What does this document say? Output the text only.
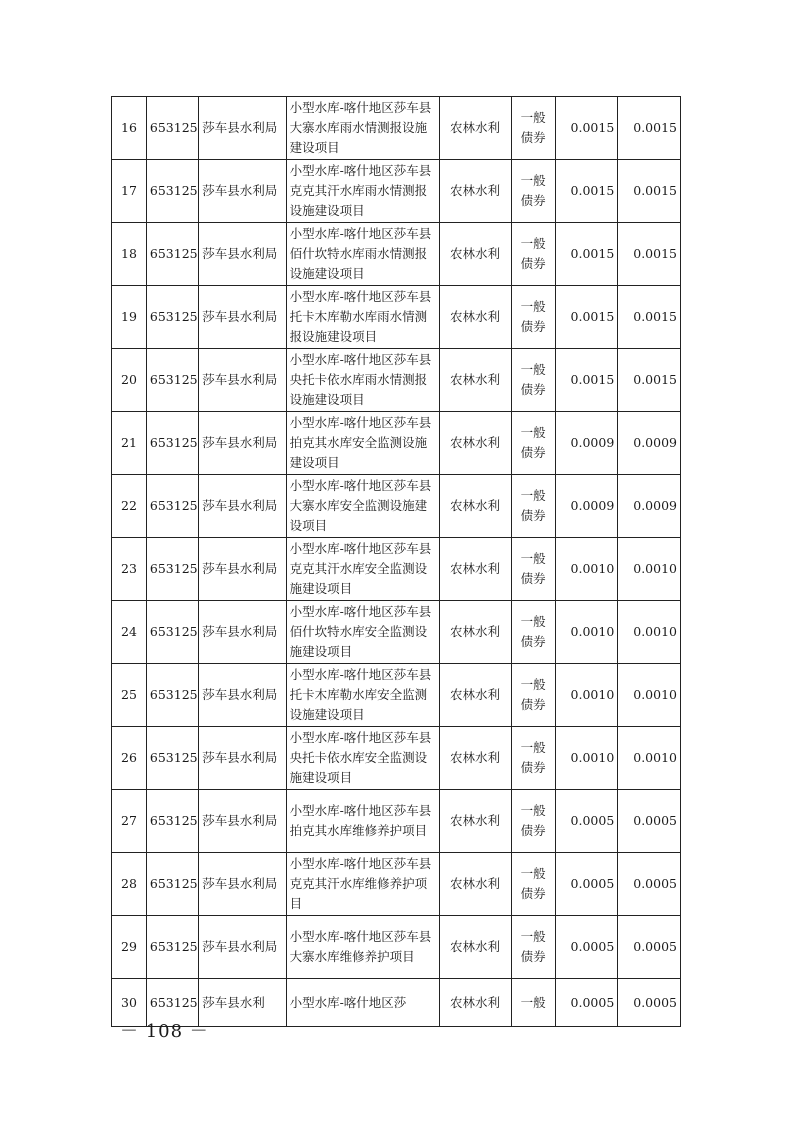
16	653125	莎车县水利局	小型水库-喀什地区莎车县大寨水库雨水情测报设施建设项目	农林水利	一般债券	0.0015	0.0015
17	653125	莎车县水利局	小型水库-喀什地区莎车县克克其汗水库雨水情测报设施建设项目	农林水利	一般债券	0.0015	0.0015
18	653125	莎车县水利局	小型水库-喀什地区莎车县佰什坎特水库雨水情测报设施建设项目	农林水利	一般债券	0.0015	0.0015
19	653125	莎车县水利局	小型水库-喀什地区莎车县托卡木库勒水库雨水情测报设施建设项目	农林水利	一般债券	0.0015	0.0015
20	653125	莎车县水利局	小型水库-喀什地区莎车县央托卡依水库雨水情测报设施建设项目	农林水利	一般债券	0.0015	0.0015
21	653125	莎车县水利局	小型水库-喀什地区莎车县拍克其水库安全监测设施建设项目	农林水利	一般债券	0.0009	0.0009
22	653125	莎车县水利局	小型水库-喀什地区莎车县大寨水库安全监测设施建设项目	农林水利	一般债券	0.0009	0.0009
23	653125	莎车县水利局	小型水库-喀什地区莎车县克克其汗水库安全监测设施建设项目	农林水利	一般债券	0.0010	0.0010
24	653125	莎车县水利局	小型水库-喀什地区莎车县佰什坎特水库安全监测设施建设项目	农林水利	一般债券	0.0010	0.0010
25	653125	莎车县水利局	小型水库-喀什地区莎车县托卡木库勒水库安全监测设施建设项目	农林水利	一般债券	0.0010	0.0010
26	653125	莎车县水利局	小型水库-喀什地区莎车县央托卡依水库安全监测设施建设项目	农林水利	一般债券	0.0010	0.0010
27	653125	莎车县水利局	小型水库-喀什地区莎车县拍克其水库维修养护项目	农林水利	一般债券	0.0005	0.0005
28	653125	莎车县水利局	小型水库-喀什地区莎车县克克其汗水库维修养护项目	农林水利	一般债券	0.0005	0.0005
29	653125	莎车县水利局	小型水库-喀什地区莎车县大寨水库维修养护项目	农林水利	一般债券	0.0005	0.0005
30	653125	莎车县水利	小型水库-喀什地区莎	农林水利	一般	0.0005	0.0005
－ 108 －
